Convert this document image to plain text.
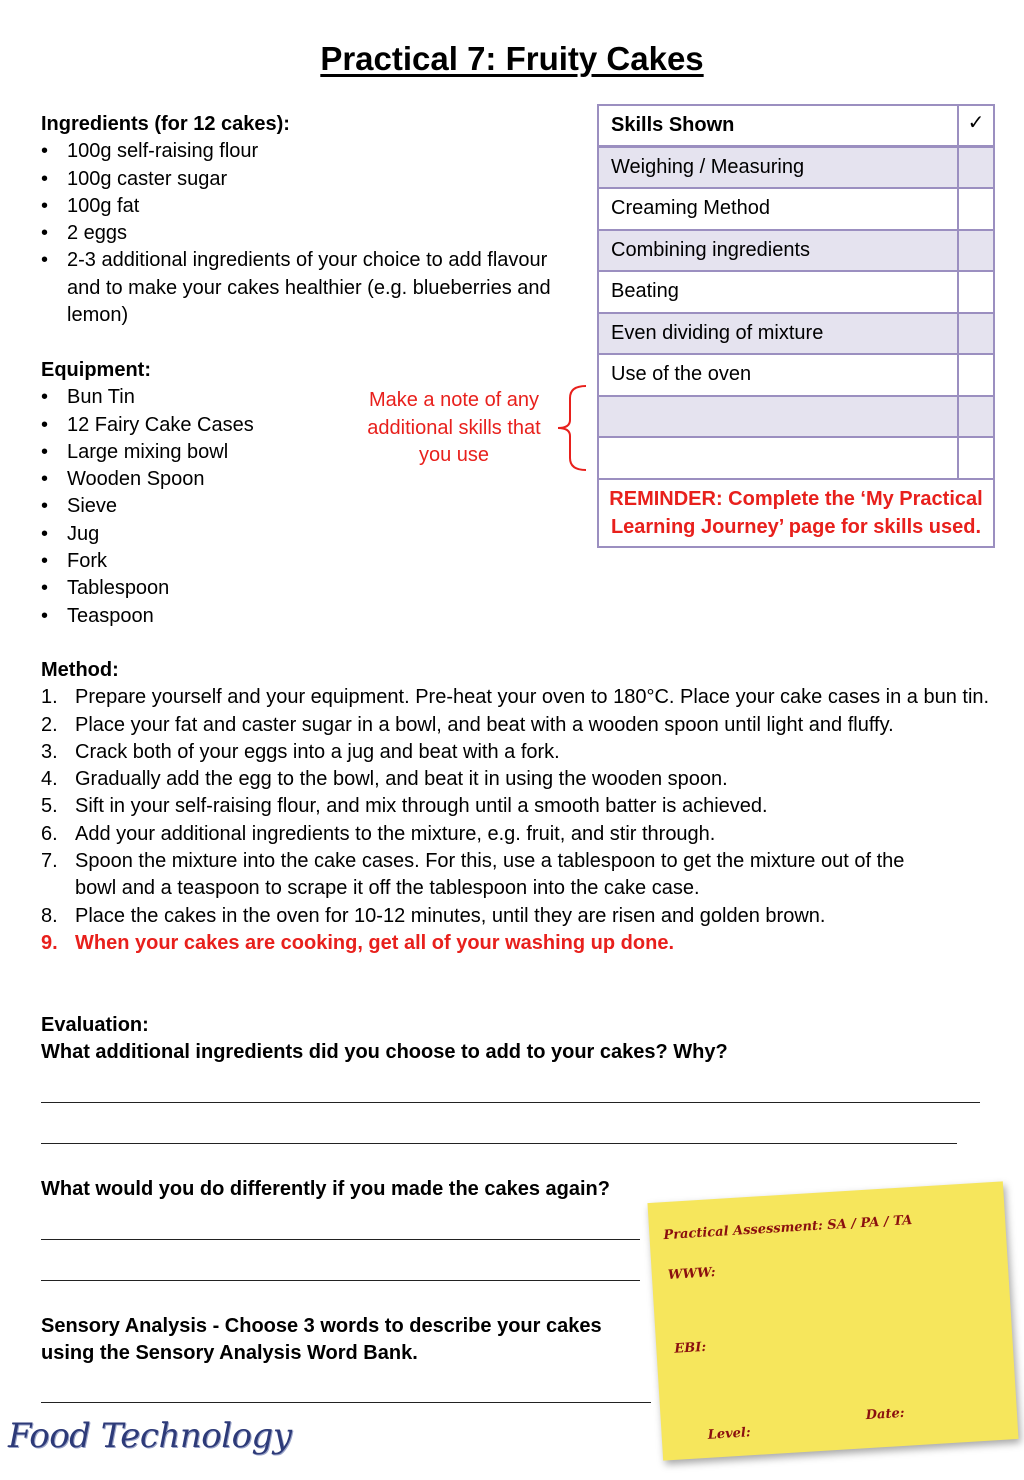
Practical 7: Fruity Cakes
Ingredients (for 12 cakes):
• 100g self-raising flour
• 100g caster sugar
• 100g fat
• 2 eggs
• 2-3 additional ingredients of your choice to add flavour and to make your cakes healthier (e.g. blueberries and lemon)
Equipment:
• Bun Tin
• 12 Fairy Cake Cases
• Large mixing bowl
• Wooden Spoon
• Sieve
• Jug
• Fork
• Tablespoon
• Teaspoon
Make a note of any additional skills that you use
Skills Shown	✓
Weighing / Measuring
Creaming Method
Combining ingredients
Beating
Even dividing of mixture
Use of the oven
REMINDER: Complete the ‘My Practical Learning Journey’ page for skills used.
Method:
1. Prepare yourself and your equipment. Pre-heat your oven to 180°C. Place your cake cases in a bun tin.
2. Place your fat and caster sugar in a bowl, and beat with a wooden spoon until light and fluffy.
3. Crack both of your eggs into a jug and beat with a fork.
4. Gradually add the egg to the bowl, and beat it in using the wooden spoon.
5. Sift in your self-raising flour, and mix through until a smooth batter is achieved.
6. Add your additional ingredients to the mixture, e.g. fruit, and stir through.
7. Spoon the mixture into the cake cases. For this, use a tablespoon to get the mixture out of the bowl and a teaspoon to scrape it off the tablespoon into the cake case.
8. Place the cakes in the oven for 10-12 minutes, until they are risen and golden brown.
9. When your cakes are cooking, get all of your washing up done.
Evaluation:
What additional ingredients did you choose to add to your cakes? Why?
What would you do differently if you made the cakes again?
Sensory Analysis - Choose 3 words to describe your cakes using the Sensory Analysis Word Bank.
Practical Assessment: SA / PA / TA
WWW:
EBI:
Date:
Level:
Food Technology
